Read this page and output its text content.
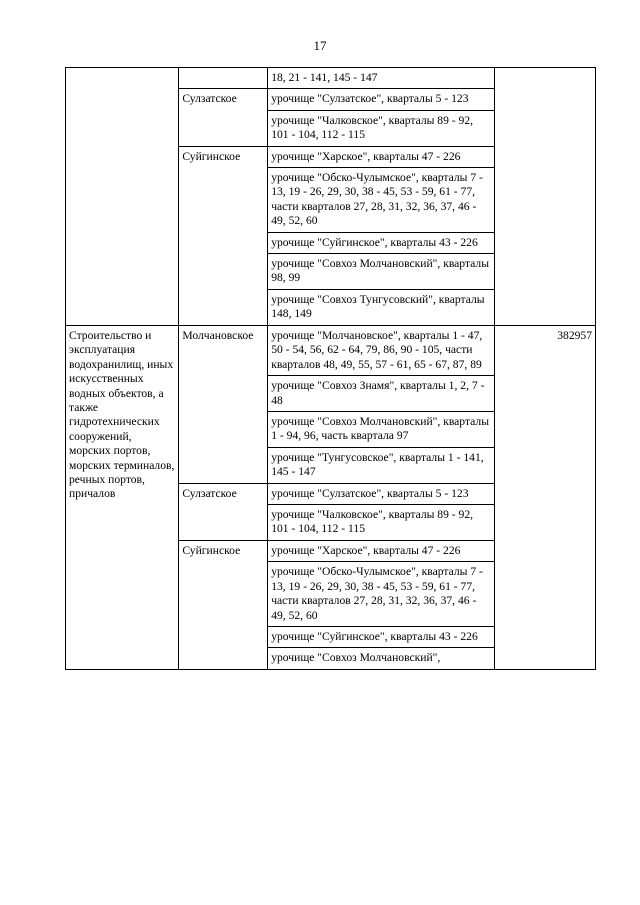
17
		18, 21 - 141, 145 - 147	
	Сулзатское	урочище "Сулзатское", кварталы 5 - 123	
		урочище "Чалковское", кварталы 89 - 92, 101 - 104, 112 - 115	
	Суйгинское	урочище "Харское", кварталы 47 - 226	
		урочище "Обско-Чулымское", кварталы 7 - 13, 19 - 26, 29, 30, 38 - 45, 53 - 59, 61 - 77, части кварталов 27, 28, 31, 32, 36, 37, 46 - 49, 52, 60	
		урочище "Суйгинское", кварталы 43 - 226	
		урочище "Совхоз Молчановский", кварталы 98, 99	
		урочище "Совхоз Тунгусовский", кварталы 148, 149	
Строительство и эксплуатация водохранилищ, иных искусственных водных объектов, а также гидротехнических сооружений, морских портов, морских терминалов, речных портов, причалов	Молчановское	урочище "Молчановское", кварталы 1 - 47, 50 - 54, 56, 62 - 64, 79, 86, 90 - 105, части кварталов 48, 49, 55, 57 - 61, 65 - 67, 87, 89	382957
		урочище "Совхоз Знамя", кварталы 1, 2, 7 - 48	
		урочище "Совхоз Молчановский", кварталы 1 - 94, 96, часть квартала 97	
		урочище "Тунгусовское", кварталы 1 - 141, 145 - 147	
	Сулзатское	урочище "Сулзатское", кварталы 5 - 123	
		урочище "Чалковское", кварталы 89 - 92, 101 - 104, 112 - 115	
	Суйгинское	урочище "Харское", кварталы 47 - 226	
		урочище "Обско-Чулымское", кварталы 7 - 13, 19 - 26, 29, 30, 38 - 45, 53 - 59, 61 - 77, части кварталов 27, 28, 31, 32, 36, 37, 46 - 49, 52, 60	
		урочище "Суйгинское", кварталы 43 - 226	
		урочище "Совхоз Молчановский",	
